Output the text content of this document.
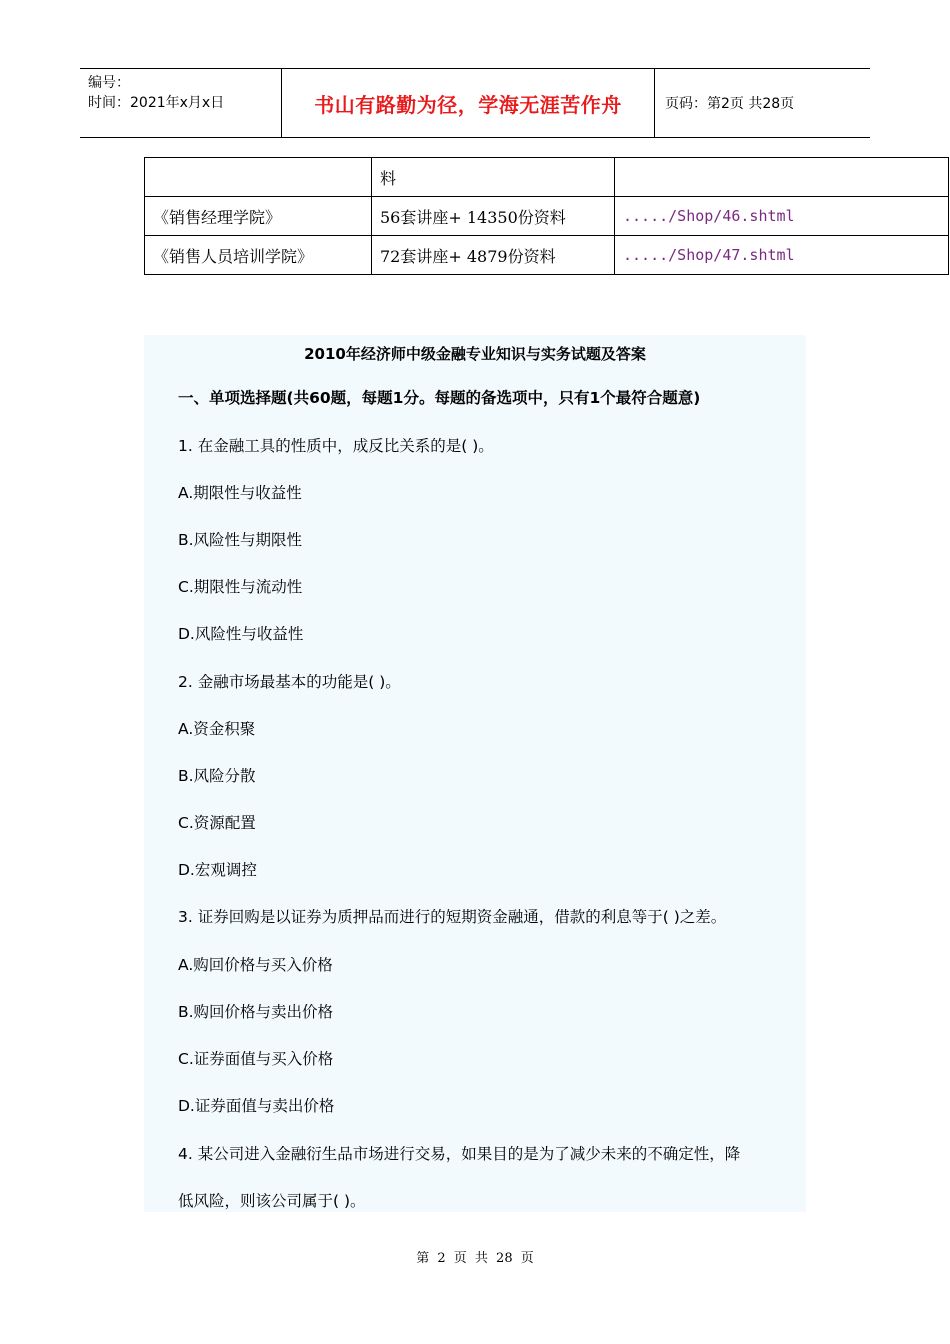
编号：
时间：2021年x月x日	书山有路勤为径，学海无涯苦作舟	页码：第2页 共28页
	料	
《销售经理学院》	56套讲座+ 14350份资料	...../Shop/46.shtml
《销售人员培训学院》	72套讲座+ 4879份资料	...../Shop/47.shtml
2010年经济师中级金融专业知识与实务试题及答案
一、单项选择题(共60题，每题1分。每题的备选项中，只有1个最符合题意)
1. 在金融工具的性质中，成反比关系的是( )。
A.期限性与收益性
B.风险性与期限性
C.期限性与流动性
D.风险性与收益性
2. 金融市场最基本的功能是( )。
A.资金积聚
B.风险分散
C.资源配置
D.宏观调控
3. 证券回购是以证券为质押品而进行的短期资金融通，借款的利息等于( )之差。
A.购回价格与买入价格
B.购回价格与卖出价格
C.证券面值与买入价格
D.证券面值与卖出价格
4. 某公司进入金融衍生品市场进行交易，如果目的是为了减少未来的不确定性，降
低风险，则该公司属于( )。
第 2 页 共 28 页
